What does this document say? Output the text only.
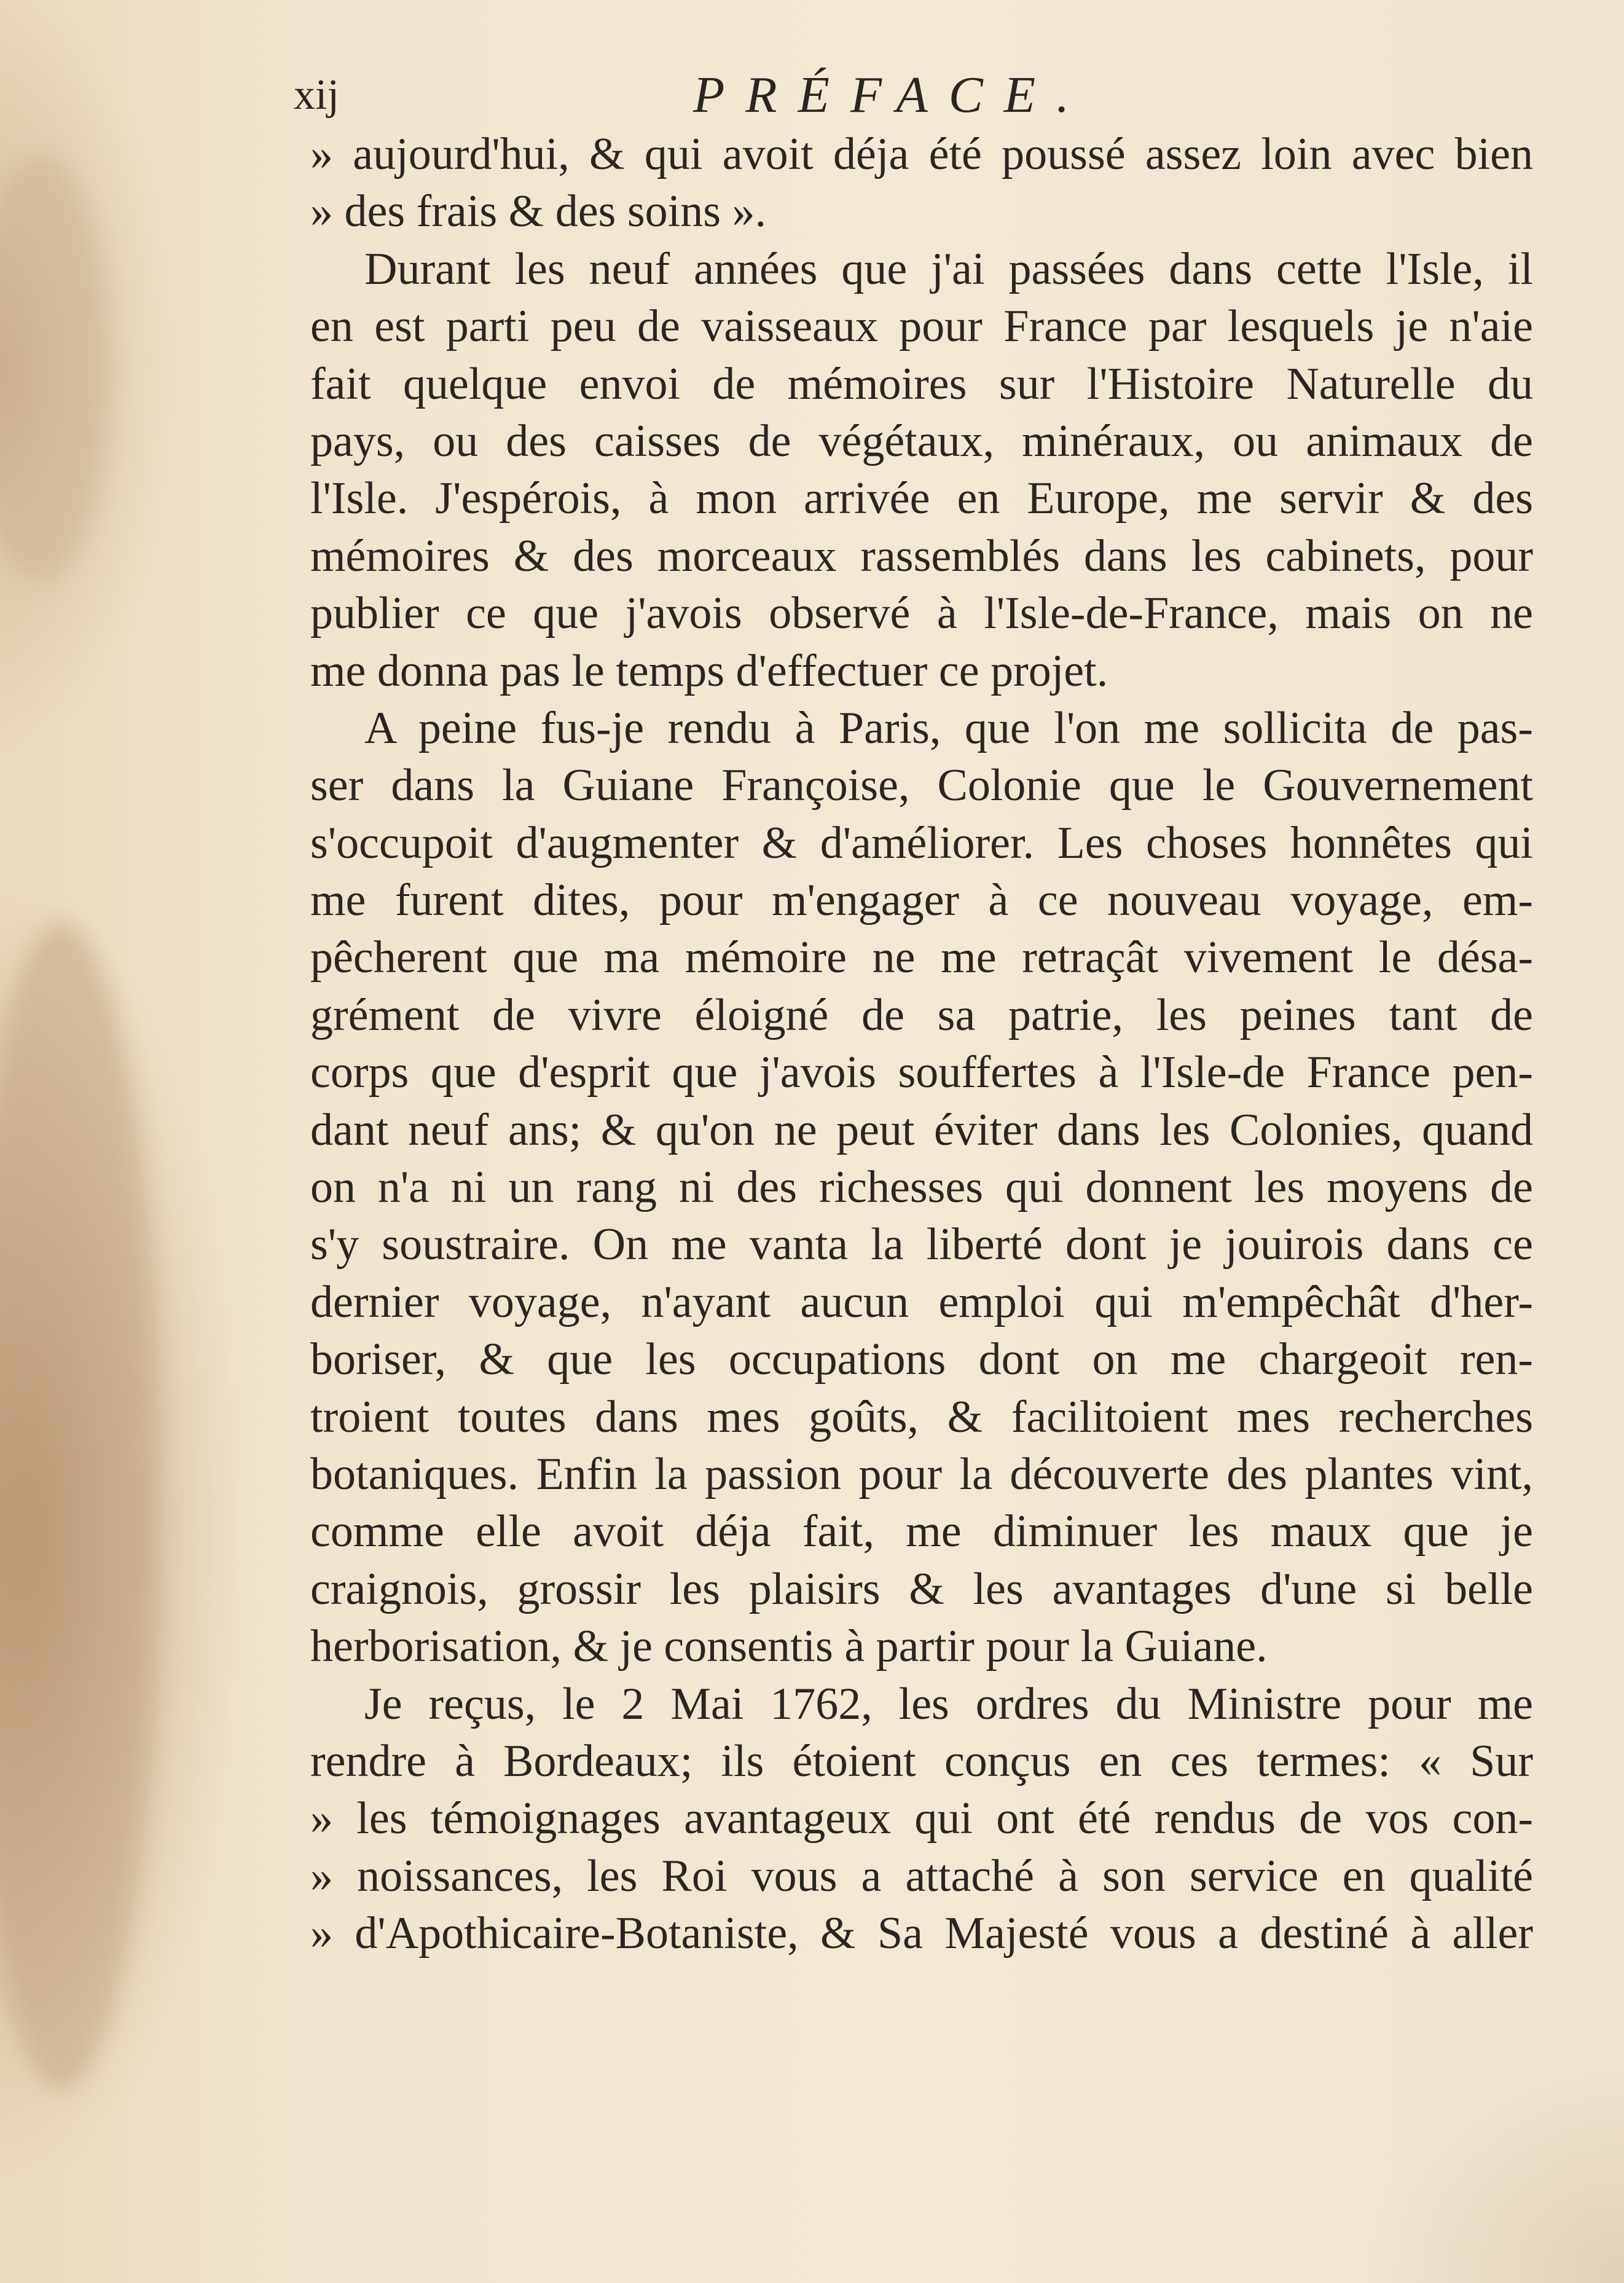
xij	PRÉFACE.
» aujourd'hui, & qui avoit déja été poussé assez loin avec bien
» des frais & des soins ».
Durant les neuf années que j'ai passées dans cette l'Isle, il
en est parti peu de vaisseaux pour France par lesquels je n'aie
fait quelque envoi de mémoires sur l'Histoire Naturelle du
pays, ou des caisses de végétaux, minéraux, ou animaux de
l'Isle. J'espérois, à mon arrivée en Europe, me servir & des
mémoires & des morceaux rassemblés dans les cabinets, pour
publier ce que j'avois observé à l'Isle-de-France, mais on ne
me donna pas le temps d'effectuer ce projet.
A peine fus-je rendu à Paris, que l'on me sollicita de pas-
ser dans la Guiane Françoise, Colonie que le Gouvernement
s'occupoit d'augmenter & d'améliorer. Les choses honnêtes qui
me furent dites, pour m'engager à ce nouveau voyage, em-
pêcherent que ma mémoire ne me retraçât vivement le désa-
grément de vivre éloigné de sa patrie, les peines tant de
corps que d'esprit que j'avois souffertes à l'Isle-de France pen-
dant neuf ans; & qu'on ne peut éviter dans les Colonies, quand
on n'a ni un rang ni des richesses qui donnent les moyens de
s'y soustraire. On me vanta la liberté dont je jouirois dans ce
dernier voyage, n'ayant aucun emploi qui m'empêchât d'her-
boriser, & que les occupations dont on me chargeoit ren-
troient toutes dans mes goûts, & facilitoient mes recherches
botaniques. Enfin la passion pour la découverte des plantes vint,
comme elle avoit déja fait, me diminuer les maux que je
craignois, grossir les plaisirs & les avantages d'une si belle
herborisation, & je consentis à partir pour la Guiane.
Je reçus, le 2 Mai 1762, les ordres du Ministre pour me
rendre à Bordeaux; ils étoient conçus en ces termes: « Sur
» les témoignages avantageux qui ont été rendus de vos con-
» noissances, les Roi vous a attaché à son service en qualité
» d'Apothicaire-Botaniste, & Sa Majesté vous a destiné à aller
